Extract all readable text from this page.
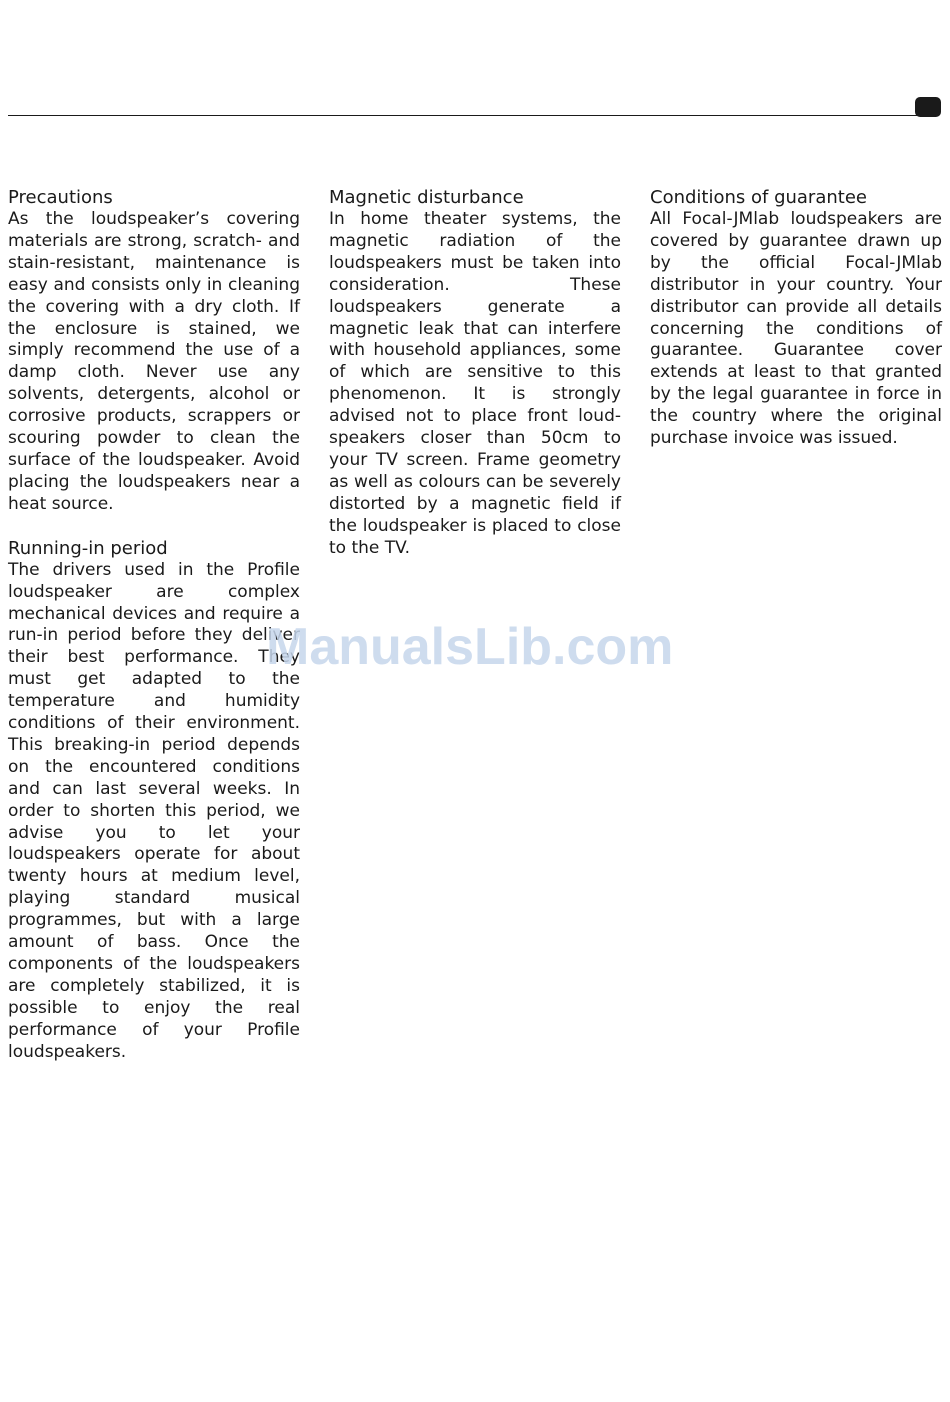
Precautions

As the loudspeaker’s covering materials are strong, scratch- and stain-resistant, maintenance is easy and consists only in cleaning the covering with a dry cloth. If the enclosure is stained, we simply recommend the use of a damp cloth. Never use any solvents, detergents, alcohol or corrosive products, scrappers or scouring powder to clean the surface of the loudspeaker. Avoid placing the loudspeakers near a heat source.

Running-in period

The drivers used in the Profile loudspeaker are complex mechanical devices and require a run-in period before they deliver their best performance. They must get adapted to the temperature and humidity conditions of their environment. This breaking-in period depends on the encountered conditions and can last several weeks. In order to shorten this period, we advise you to let your loudspeakers operate for about twenty hours at medium level, playing standard musical programmes, but with a large amount of bass. Once the components of the loudspeakers are completely stabilized, it is possible to enjoy the real performance of your Profile loudspeakers.

Magnetic disturbance

In home theater systems, the magnetic radiation of the loudspeakers must be taken into consideration. These loudspeakers generate a magnetic leak that can interfere with household appliances, some of which are sensitive to this phenomenon. It is strongly advised not to place front loud-speakers closer than 50cm to your TV screen. Frame geometry as well as colours can be severely distorted by a magnetic field if the loudspeaker is placed to close to the TV.

Conditions of guarantee

All Focal-JMlab loudspeakers are covered by guarantee drawn up by the official Focal-JMlab distributor in your country. Your distributor can provide all details concerning the conditions of guarantee. Guarantee cover extends at least to that granted by the legal guarantee in force in the country where the original purchase invoice was issued.

ManualsLib.com
